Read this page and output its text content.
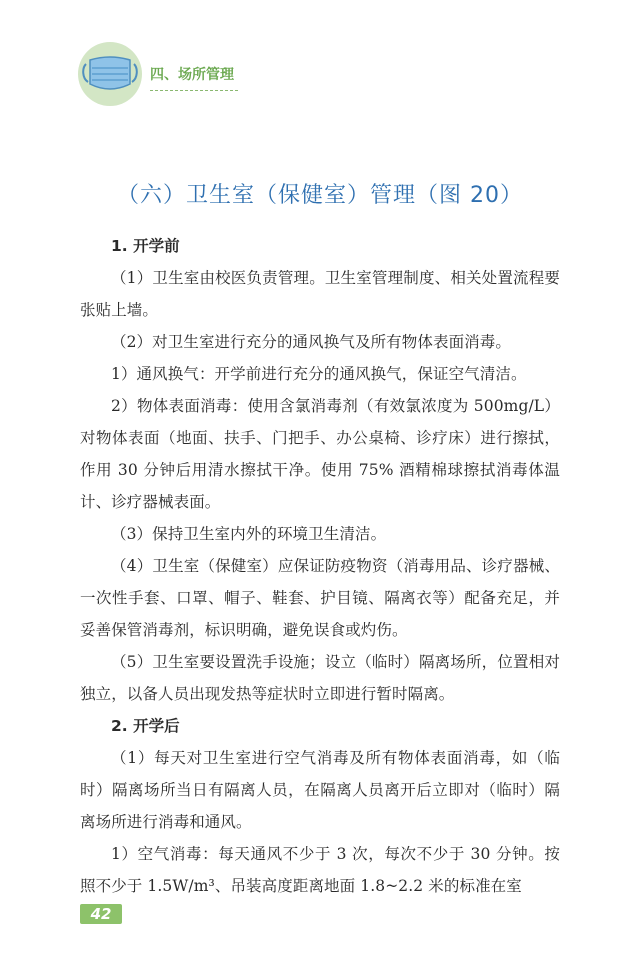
四、场所管理
（六）卫生室（保健室）管理（图 20）

1. 开学前

（1）卫生室由校医负责管理。卫生室管理制度、相关处置流程要张贴上墙。

（2）对卫生室进行充分的通风换气及所有物体表面消毒。

1）通风换气：开学前进行充分的通风换气，保证空气清洁。

2）物体表面消毒：使用含氯消毒剂（有效氯浓度为 500mg/L）对物体表面（地面、扶手、门把手、办公桌椅、诊疗床）进行擦拭，作用 30 分钟后用清水擦拭干净。使用 75% 酒精棉球擦拭消毒体温计、诊疗器械表面。

（3）保持卫生室内外的环境卫生清洁。

（4）卫生室（保健室）应保证防疫物资（消毒用品、诊疗器械、一次性手套、口罩、帽子、鞋套、护目镜、隔离衣等）配备充足，并妥善保管消毒剂，标识明确，避免误食或灼伤。

（5）卫生室要设置洗手设施；设立（临时）隔离场所，位置相对独立，以备人员出现发热等症状时立即进行暂时隔离。

2. 开学后

（1）每天对卫生室进行空气消毒及所有物体表面消毒，如（临时）隔离场所当日有隔离人员，在隔离人员离开后立即对（临时）隔离场所进行消毒和通风。

1）空气消毒：每天通风不少于 3 次，每次不少于 30 分钟。按照不少于 1.5W/m³、吊装高度距离地面 1.8~2.2 米的标准在室

42
